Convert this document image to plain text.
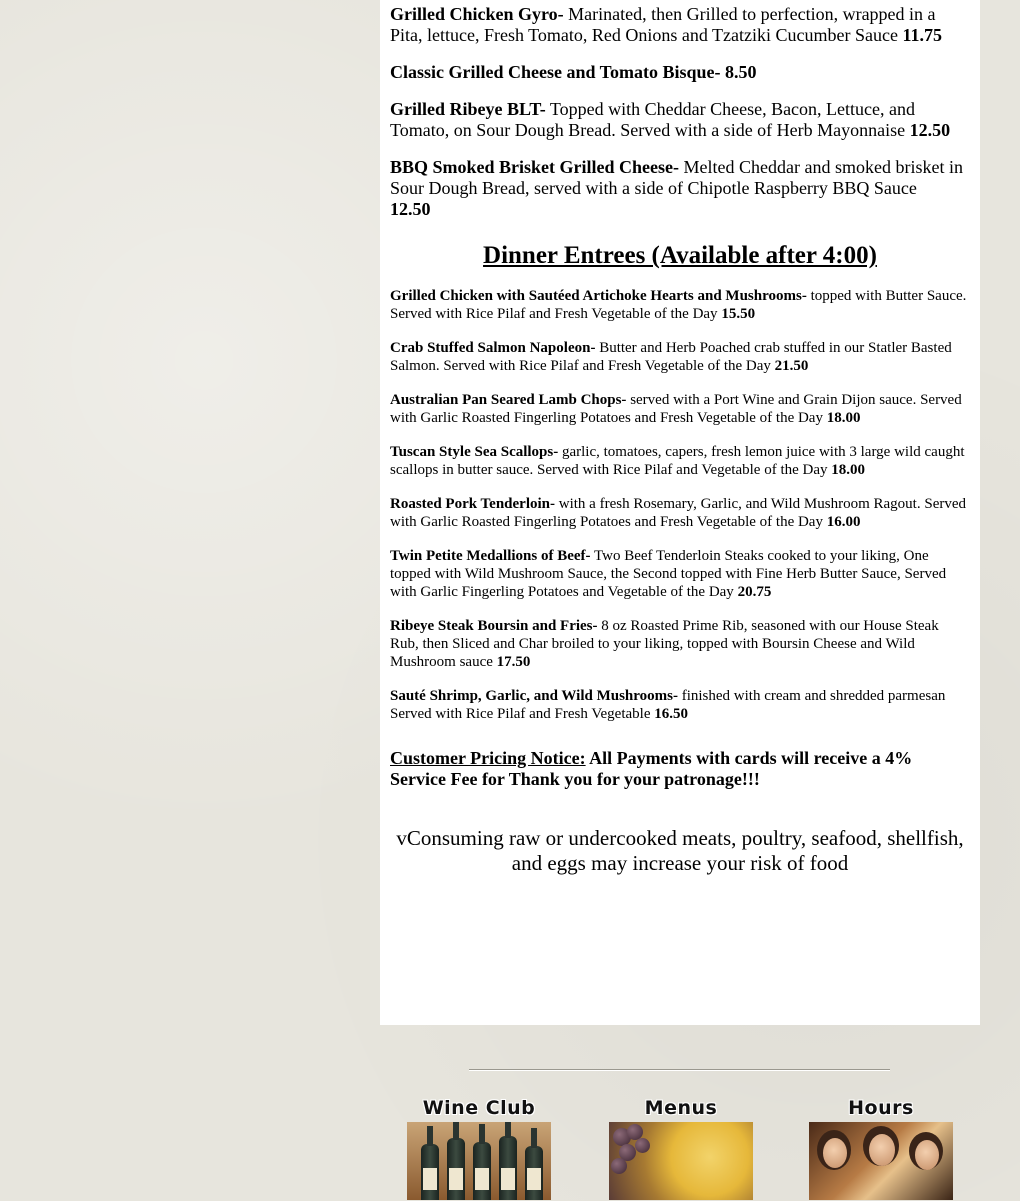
Grilled Chicken Gyro- Marinated, then Grilled to perfection, wrapped in a Pita, lettuce, Fresh Tomato, Red Onions and Tzatziki Cucumber Sauce 11.75

Classic Grilled Cheese and Tomato Bisque- 8.50

Grilled Ribeye BLT- Topped with Cheddar Cheese, Bacon, Lettuce, and Tomato, on Sour Dough Bread. Served with a side of Herb Mayonnaise 12.50

BBQ Smoked Brisket Grilled Cheese- Melted Cheddar and smoked brisket in Sour Dough Bread, served with a side of Chipotle Raspberry BBQ Sauce
12.50

Dinner Entrees (Available after 4:00)

Grilled Chicken with Sautéed Artichoke Hearts and Mushrooms- topped with Butter Sauce. Served with Rice Pilaf and Fresh Vegetable of the Day 15.50

Crab Stuffed Salmon Napoleon- Butter and Herb Poached crab stuffed in our Statler Basted Salmon. Served with Rice Pilaf and Fresh Vegetable of the Day 21.50

Australian Pan Seared Lamb Chops- served with a Port Wine and Grain Dijon sauce. Served with Garlic Roasted Fingerling Potatoes and Fresh Vegetable of the Day 18.00

Tuscan Style Sea Scallops- garlic, tomatoes, capers, fresh lemon juice with 3 large wild caught scallops in butter sauce. Served with Rice Pilaf and Vegetable of the Day 18.00

Roasted Pork Tenderloin- with a fresh Rosemary, Garlic, and Wild Mushroom Ragout. Served with Garlic Roasted Fingerling Potatoes and Fresh Vegetable of the Day 16.00

Twin Petite Medallions of Beef- Two Beef Tenderloin Steaks cooked to your liking, One topped with Wild Mushroom Sauce, the Second topped with Fine Herb Butter Sauce, Served with Garlic Fingerling Potatoes and Vegetable of the Day 20.75

Ribeye Steak Boursin and Fries- 8 oz Roasted Prime Rib, seasoned with our House Steak Rub, then Sliced and Char broiled to your liking, topped with Boursin Cheese and Wild Mushroom sauce 17.50

Sauté Shrimp, Garlic, and Wild Mushrooms- finished with cream and shredded parmesan Served with Rice Pilaf and Fresh Vegetable 16.50

Customer Pricing Notice: All Payments with cards will receive a 4% Service Fee for Thank you for your patronage!!!

vConsuming raw or undercooked meats, poultry, seafood, shellfish, and eggs may increase your risk of food

Wine Club	Menus	Hours
